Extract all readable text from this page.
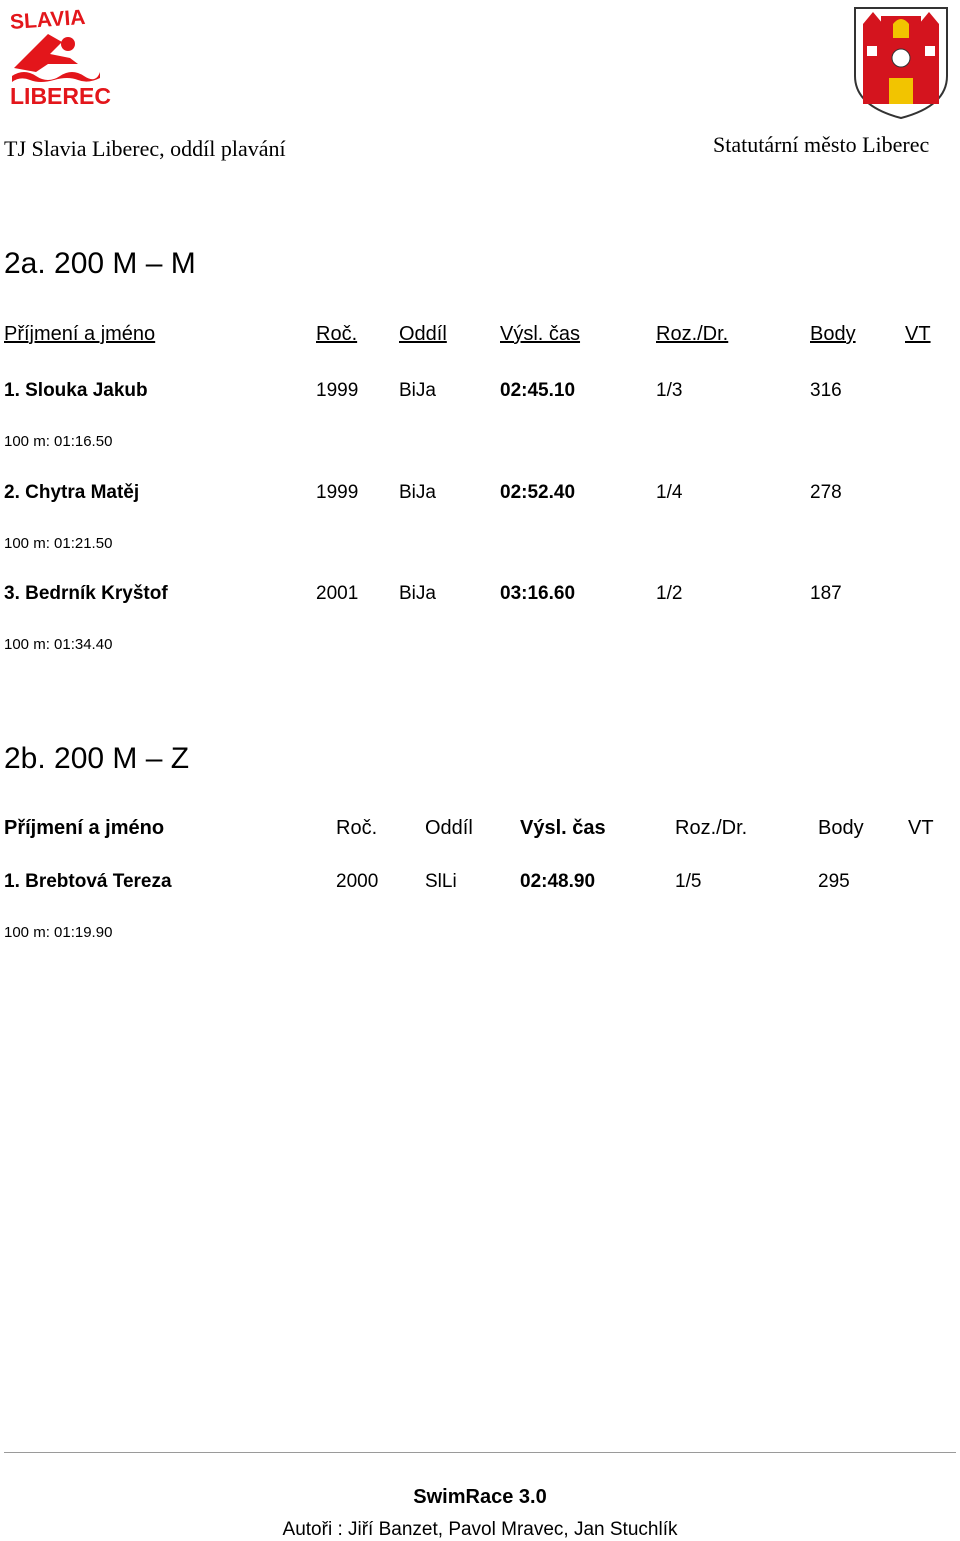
SLAVIA
LIBEREC
TJ Slavia Liberec, oddíl plavání	Statutární město Liberec
2a. 200 M – M
Příjmení a jméno	Roč. Oddíl	Výsl. čas	Roz./Dr.	Body VT
1. Slouka Jakub	1999 BiJa	02:45.10	1/3	316
100 m: 01:16.50
2. Chytra Matěj	1999 BiJa	02:52.40	1/4	278
100 m: 01:21.50
3. Bedrník Kryštof	2001 BiJa	03:16.60	1/2	187
100 m: 01:34.40
2b. 200 M – Z
Příjmení a jméno	Roč. Oddíl Výsl. čas	Roz./Dr.	Body VT
1. Brebtová Tereza	2000 SlLi	02:48.90	1/5	295
100 m: 01:19.90
SwimRace 3.0
Autoři : Jiří Banzet, Pavol Mravec, Jan Stuchlík
